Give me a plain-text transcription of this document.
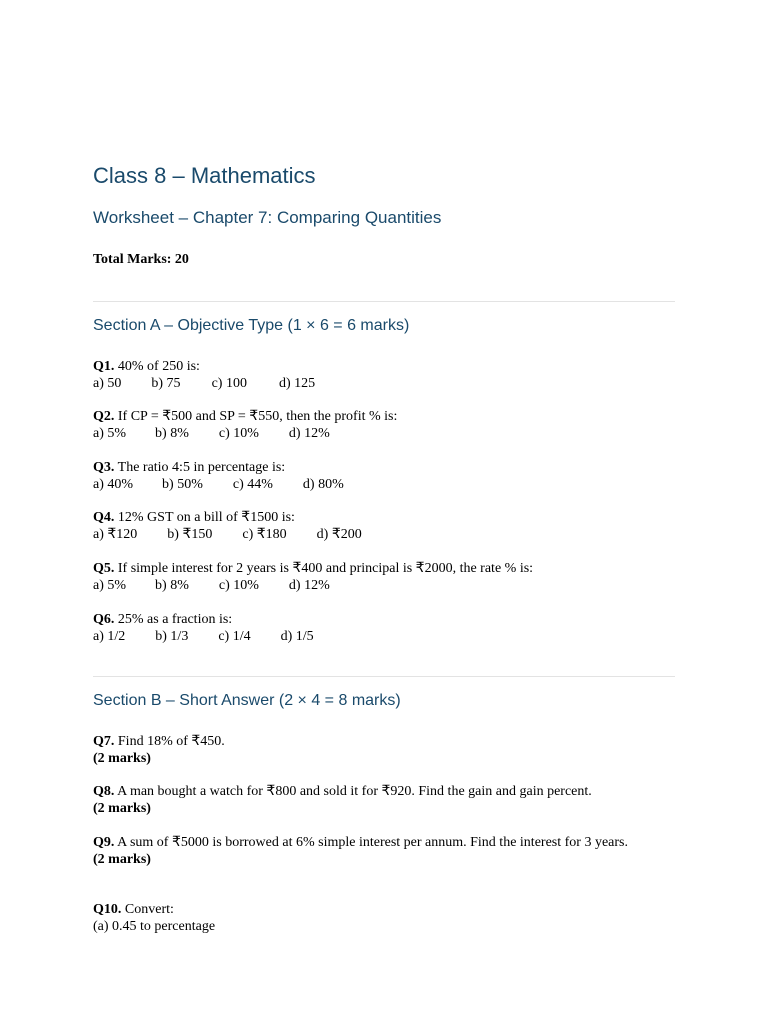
Class 8 – Mathematics
Worksheet – Chapter 7: Comparing Quantities
Total Marks: 20
Section A – Objective Type (1 × 6 = 6 marks)
Q1. 40% of 250 is:
a) 50 b) 75 c) 100 d) 125
Q2. If CP = ₹500 and SP = ₹550, then the profit % is:
a) 5% b) 8% c) 10% d) 12%
Q3. The ratio 4:5 in percentage is:
a) 40% b) 50% c) 44% d) 80%
Q4. 12% GST on a bill of ₹1500 is:
a) ₹120 b) ₹150 c) ₹180 d) ₹200
Q5. If simple interest for 2 years is ₹400 and principal is ₹2000, the rate % is:
a) 5% b) 8% c) 10% d) 12%
Q6. 25% as a fraction is:
a) 1/2 b) 1/3 c) 1/4 d) 1/5
Section B – Short Answer (2 × 4 = 8 marks)
Q7. Find 18% of ₹450.
(2 marks)
Q8. A man bought a watch for ₹800 and sold it for ₹920. Find the gain and gain percent.
(2 marks)
Q9. A sum of ₹5000 is borrowed at 6% simple interest per annum. Find the interest for 3 years.
(2 marks)
Q10. Convert:
(a) 0.45 to percentage
